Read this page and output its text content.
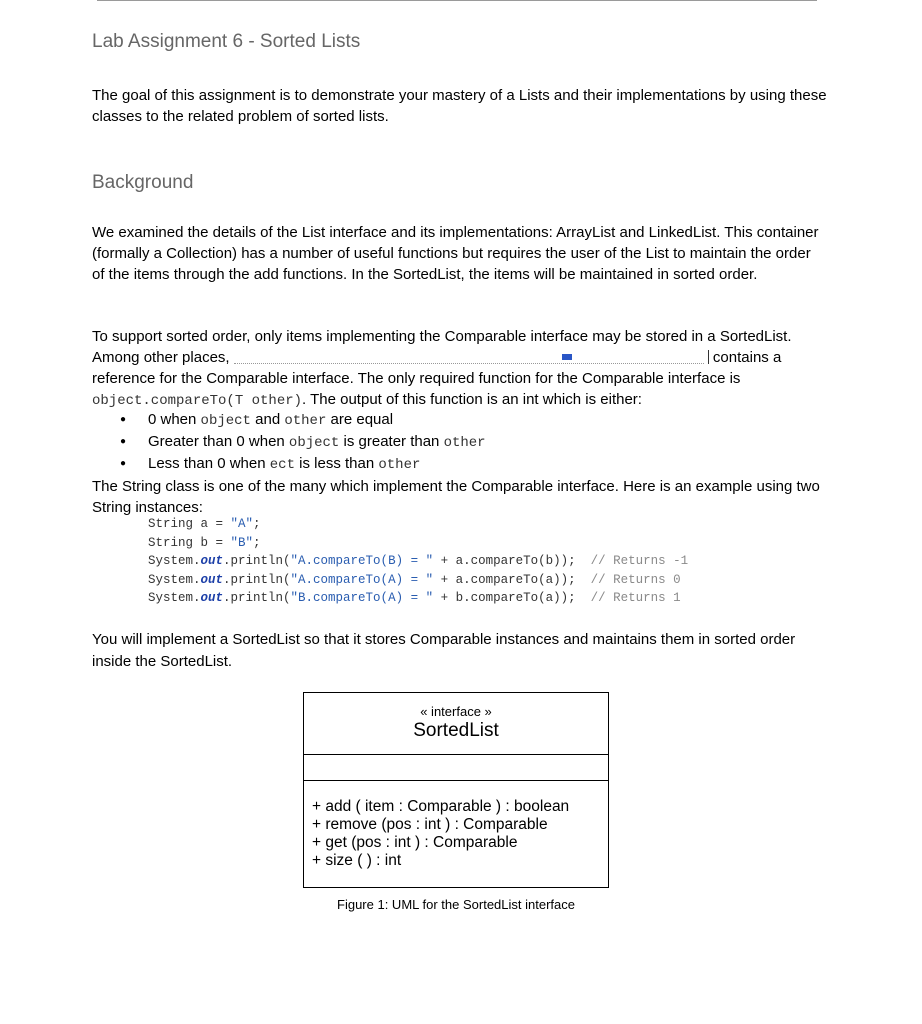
Lab Assignment 6 - Sorted Lists
The goal of this assignment is to demonstrate your mastery of a Lists and their implementations by using these classes to the related problem of sorted lists.
Background
We examined the details of the List interface and its implementations: ArrayList and LinkedList. This container (formally a Collection) has a number of useful functions but requires the user of the List to maintain the order of the items through the add functions. In the SortedList, the items will be maintained in sorted order.
To support sorted order, only items implementing the Comparable interface may be stored in a SortedList.
Among other places,	contains a
reference for the Comparable interface. The only required function for the Comparable interface is
object.compareTo(T other). The output of this function is an int which is either:
● 0 when object and other are equal
● Greater than 0 when object is greater than other
● Less than 0 when ect is less than other
The String class is one of the many which implement the Comparable interface. Here is an example using two String instances:
String a = "A";
String b = "B";
System.out.println("A.compareTo(B) = " + a.compareTo(b));  // Returns -1
System.out.println("A.compareTo(A) = " + a.compareTo(a));  // Returns 0
System.out.println("B.compareTo(A) = " + b.compareTo(a));  // Returns 1
You will implement a SortedList so that it stores Comparable instances and maintains them in sorted order inside the SortedList.
« interface »
SortedList
+ add ( item : Comparable ) : boolean
+ remove (pos : int ) : Comparable
+ get (pos : int ) : Comparable
+ size ( ) : int
Figure 1: UML for the SortedList interface
